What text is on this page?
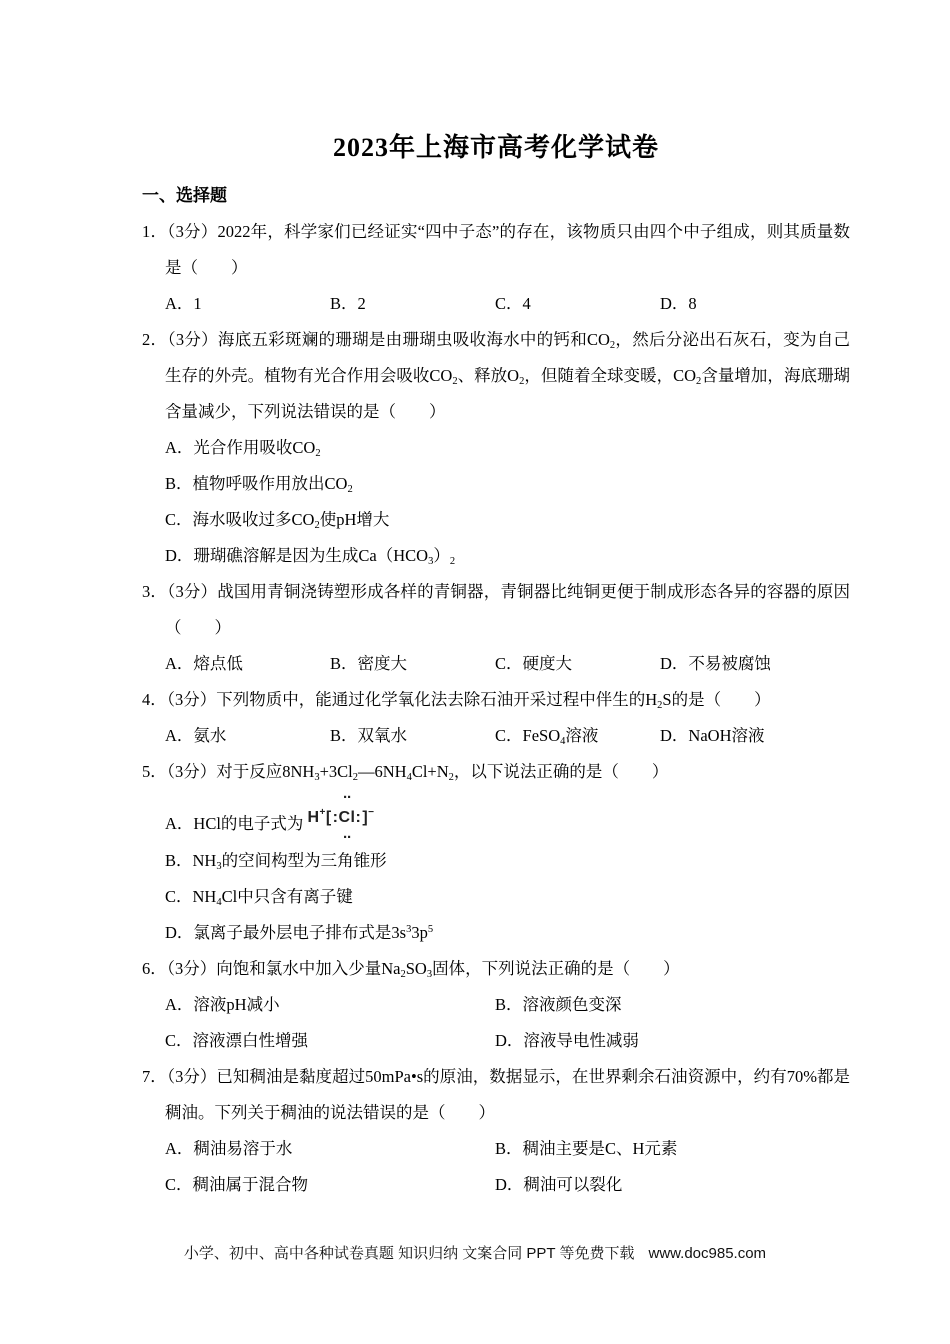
2023年上海市高考化学试卷
一、选择题

1．（3分）2022年，科学家们已经证实“四中子态”的存在，该物质只由四个中子组成，则其质量数是（　　）

A．1	B．2	C．4	D．8

2．（3分）海底五彩斑斓的珊瑚是由珊瑚虫吸收海水中的钙和$CO_2$，然后分泌出石灰石，变为自己生存的外壳。植物有光合作用会吸收$CO_2$、释放$O_2$，但随着全球变暖，$CO_2$含量增加，海底珊瑚含量减少，下列说法错误的是（　　）

A．光合作用吸收$CO_2$
B．植物呼吸作用放出$CO_2$
C．海水吸收过多$CO_2$使pH增大
D．珊瑚礁溶解是因为生成$Ca(HCO_3)_2$

3．（3分）战国用青铜浇铸塑形成各样的青铜器，青铜器比纯铜更便于制成形态各异的容器的原因（　　）

A．熔点低	B．密度大	C．硬度大	D．不易被腐蚀

4．（3分）下列物质中，能通过化学氧化法去除石油开采过程中伴生的$H_2S$的是（　　）

A．氨水	B．双氧水	C．FeSO$_4$溶液	D．NaOH溶液

5．（3分）对于反应$8NH_3+3Cl_2—6NH_4Cl+N_2$，以下说法正确的是（　　）

A．HCl的电子式为 H+[
··
:Cl:
··
]−
B．$NH_3$的空间构型为三角锥形
C．$NH_4Cl$中只含有离子键
D．氯离子最外层电子排布式是$3s^33p^5$

6．（3分）向饱和氯水中加入少量$Na_2SO_3$固体，下列说法正确的是（　　）

A．溶液pH减小	B．溶液颜色变深
C．溶液漂白性增强	D．溶液导电性减弱

7．（3分）已知稠油是黏度超过50mPa•s的原油，数据显示，在世界剩余石油资源中，约有70%都是稠油。下列关于稠油的说法错误的是（　　）

A．稠油易溶于水	B．稠油主要是C、H元素
C．稠油属于混合物	D．稠油可以裂化
小学、初中、高中各种试卷真题 知识归纳 文案合同 PPT 等免费下载 www.doc985.com
